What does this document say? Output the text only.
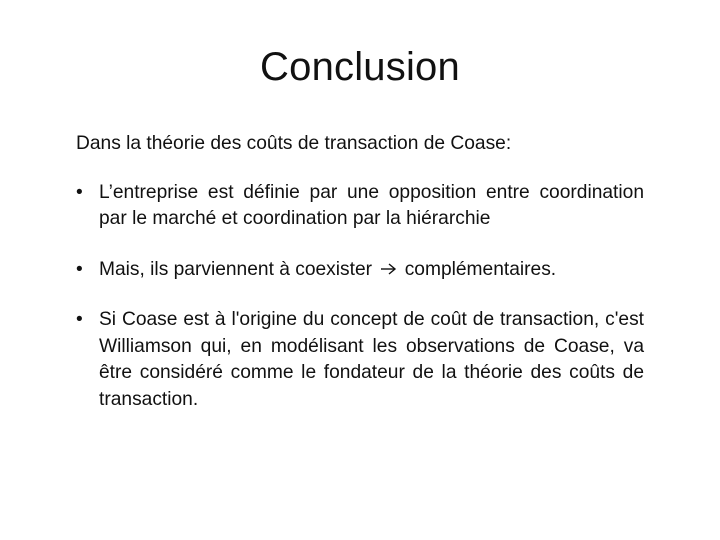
Conclusion

Dans la théorie des coûts de transaction de Coase:

• L’entreprise est définie par une opposition entre coordination par le marché et coordination par la hiérarchie
• Mais, ils parviennent à coexister complémentaires.
• Si Coase est à l'origine du concept de coût de transaction, c'est Williamson qui, en modélisant les observations de Coase, va être considéré comme le fondateur de la théorie des coûts de transaction.
